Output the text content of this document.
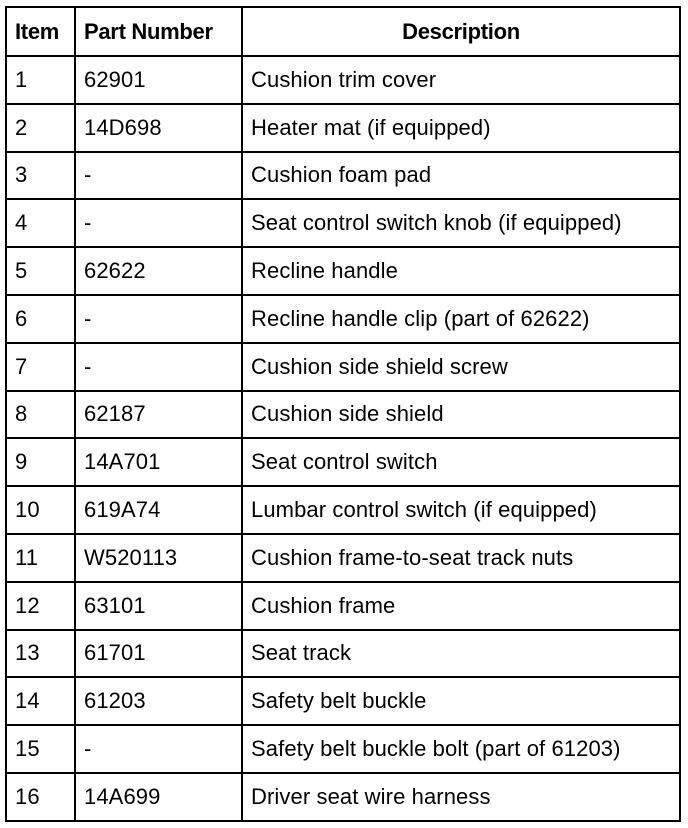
Item	Part Number	Description
1	62901	Cushion trim cover
2	14D698	Heater mat (if equipped)
3	-	Cushion foam pad
4	-	Seat control switch knob (if equipped)
5	62622	Recline handle
6	-	Recline handle clip (part of 62622)
7	-	Cushion side shield screw
8	62187	Cushion side shield
9	14A701	Seat control switch
10	619A74	Lumbar control switch (if equipped)
11	W520113	Cushion frame-to-seat track nuts
12	63101	Cushion frame
13	61701	Seat track
14	61203	Safety belt buckle
15	-	Safety belt buckle bolt (part of 61203)
16	14A699	Driver seat wire harness
